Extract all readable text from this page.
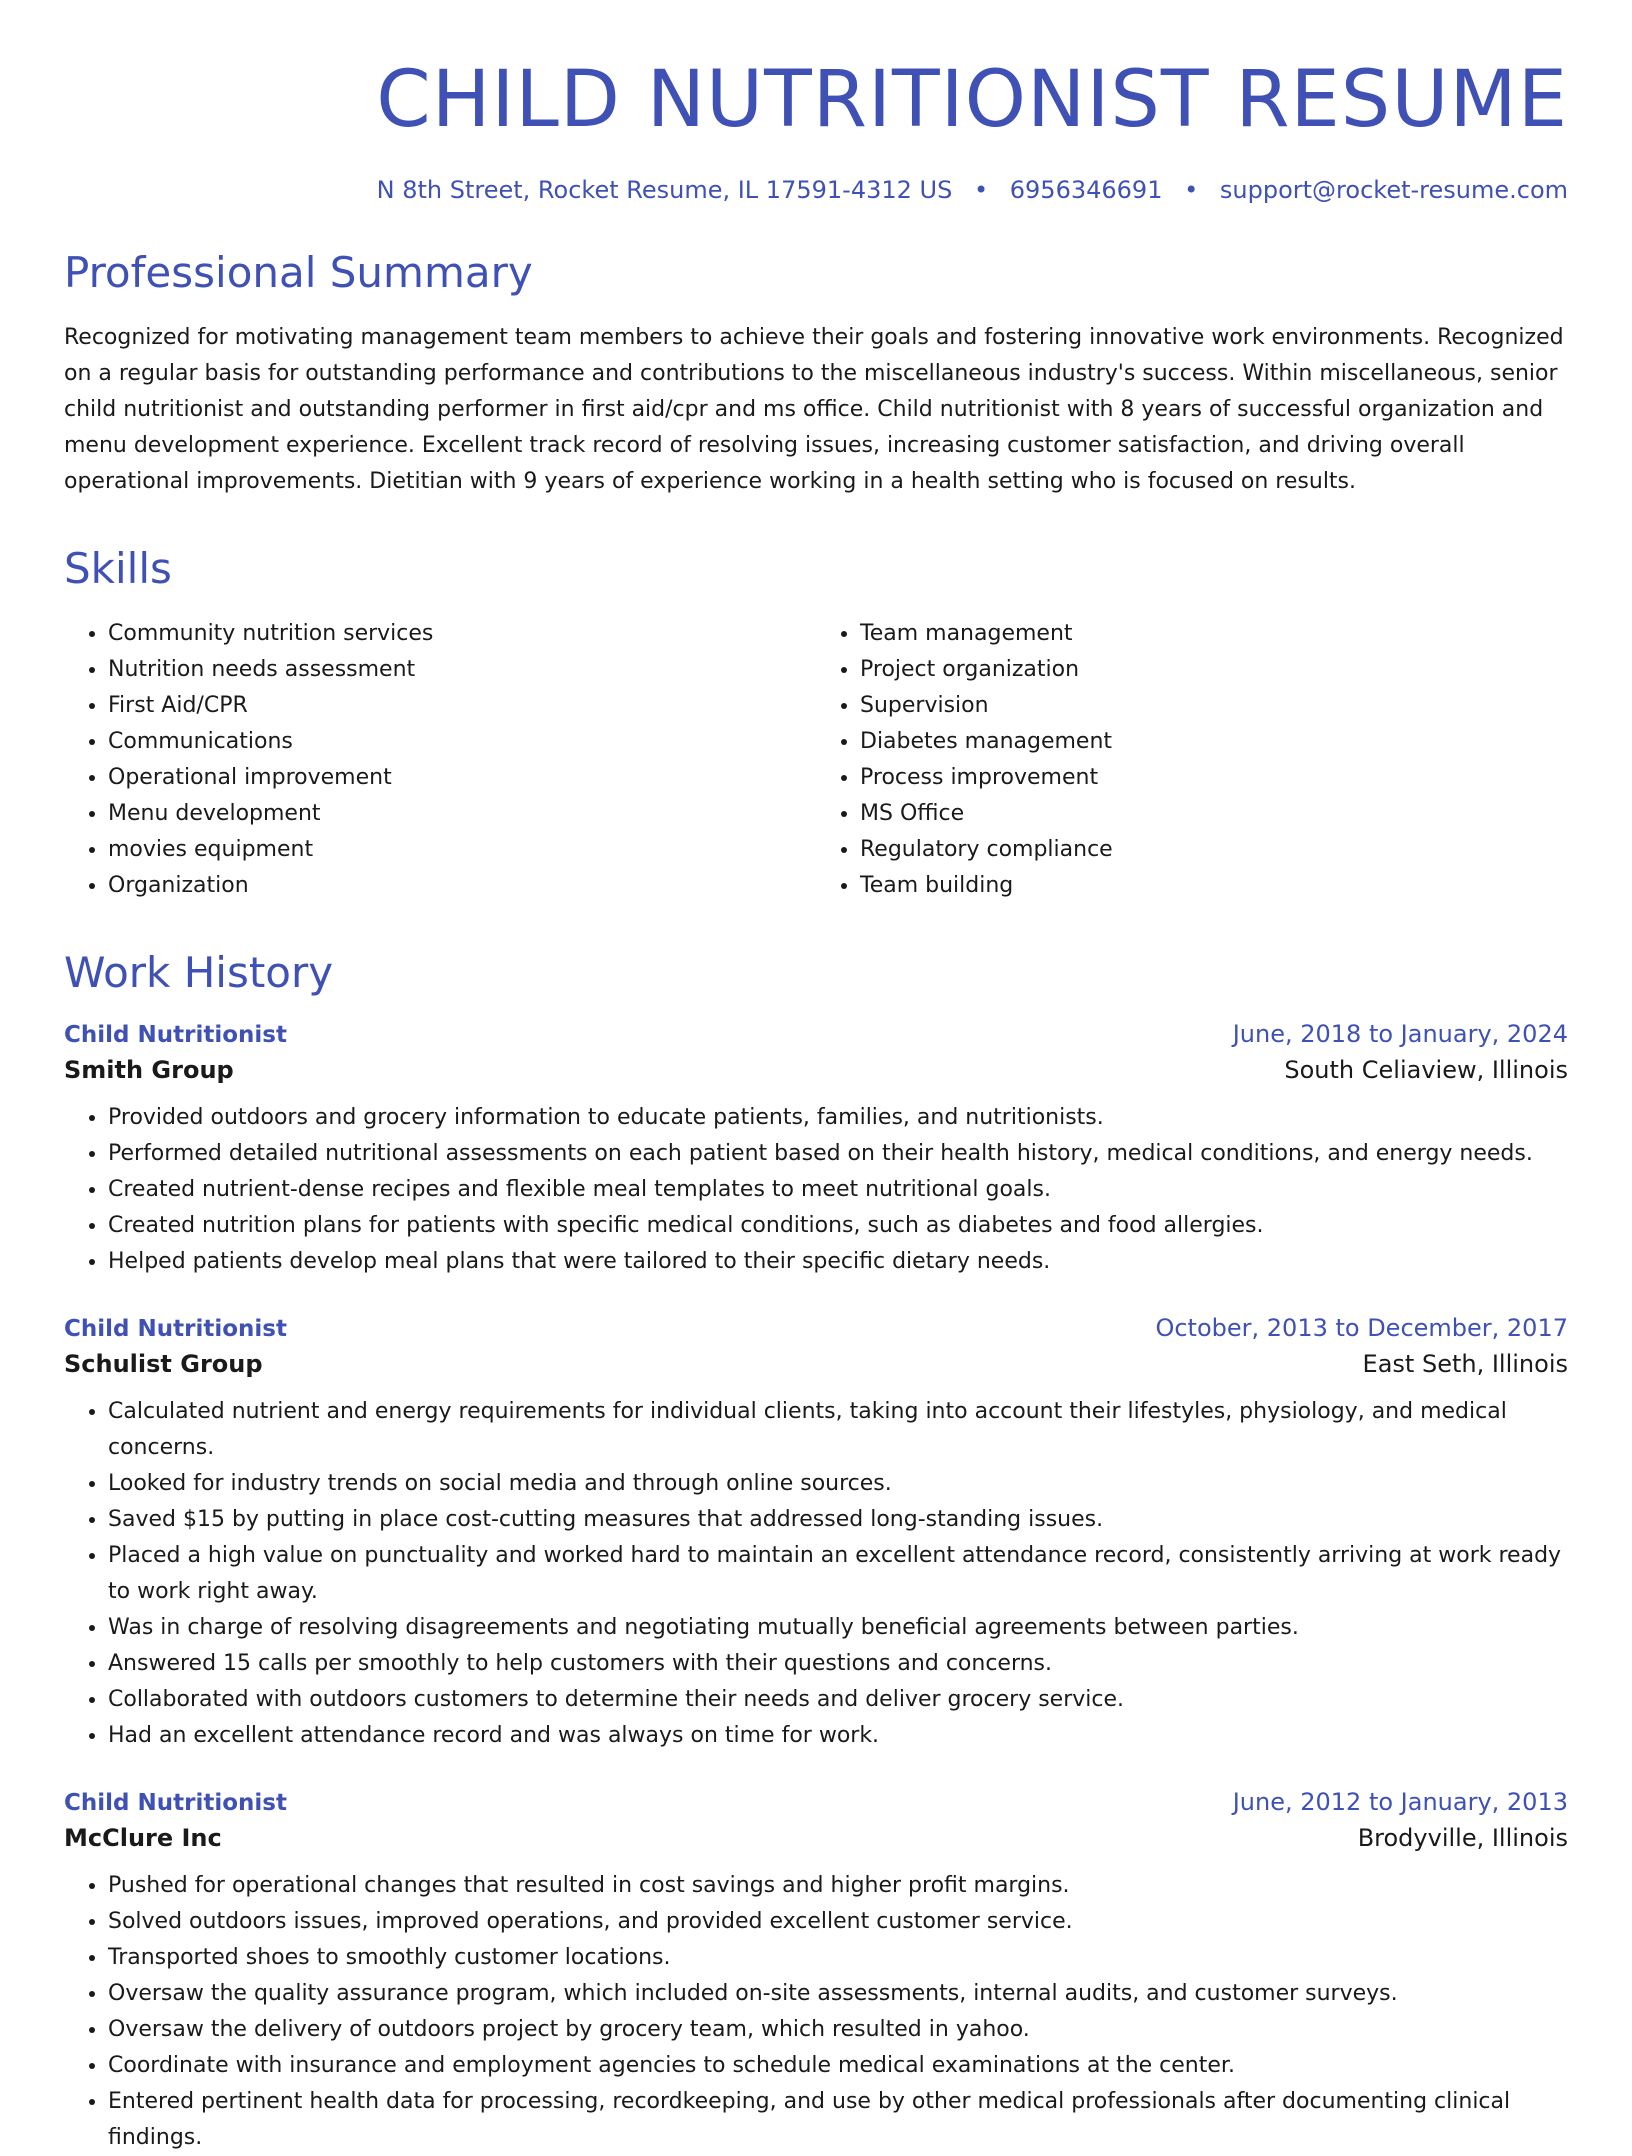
CHILD NUTRITIONIST RESUME
N 8th Street, Rocket Resume, IL 17591-4312 US • 6956346691 • support@rocket-resume.com
Professional Summary

Recognized for motivating management team members to achieve their goals and fostering innovative work environments. Recognized on a regular basis for outstanding performance and contributions to the miscellaneous industry's success. Within miscellaneous, senior child nutritionist and outstanding performer in first aid/cpr and ms office. Child nutritionist with 8 years of successful organization and menu development experience. Excellent track record of resolving issues, increasing customer satisfaction, and driving overall operational improvements. Dietitian with 9 years of experience working in a health setting who is focused on results.

Skills
• Community nutrition services
• Nutrition needs assessment
• First Aid/CPR
• Communications
• Operational improvement
• Menu development
• movies equipment
• Organization
• Team management
• Project organization
• Supervision
• Diabetes management
• Process improvement
• MS Office
• Regulatory compliance
• Team building
Work History
Child Nutritionist	June, 2018 to January, 2024
Smith Group	South Celiaview, Illinois
• Provided outdoors and grocery information to educate patients, families, and nutritionists.
• Performed detailed nutritional assessments on each patient based on their health history, medical conditions, and energy needs.
• Created nutrient-dense recipes and flexible meal templates to meet nutritional goals.
• Created nutrition plans for patients with specific medical conditions, such as diabetes and food allergies.
• Helped patients develop meal plans that were tailored to their specific dietary needs.
Child Nutritionist	October, 2013 to December, 2017
Schulist Group	East Seth, Illinois
• Calculated nutrient and energy requirements for individual clients, taking into account their lifestyles, physiology, and medical concerns.
• Looked for industry trends on social media and through online sources.
• Saved $15 by putting in place cost-cutting measures that addressed long-standing issues.
• Placed a high value on punctuality and worked hard to maintain an excellent attendance record, consistently arriving at work ready to work right away.
• Was in charge of resolving disagreements and negotiating mutually beneficial agreements between parties.
• Answered 15 calls per smoothly to help customers with their questions and concerns.
• Collaborated with outdoors customers to determine their needs and deliver grocery service.
• Had an excellent attendance record and was always on time for work.
Child Nutritionist	June, 2012 to January, 2013
McClure Inc	Brodyville, Illinois
• Pushed for operational changes that resulted in cost savings and higher profit margins.
• Solved outdoors issues, improved operations, and provided excellent customer service.
• Transported shoes to smoothly customer locations.
• Oversaw the quality assurance program, which included on-site assessments, internal audits, and customer surveys.
• Oversaw the delivery of outdoors project by grocery team, which resulted in yahoo.
• Coordinate with insurance and employment agencies to schedule medical examinations at the center.
• Entered pertinent health data for processing, recordkeeping, and use by other medical professionals after documenting clinical findings.
